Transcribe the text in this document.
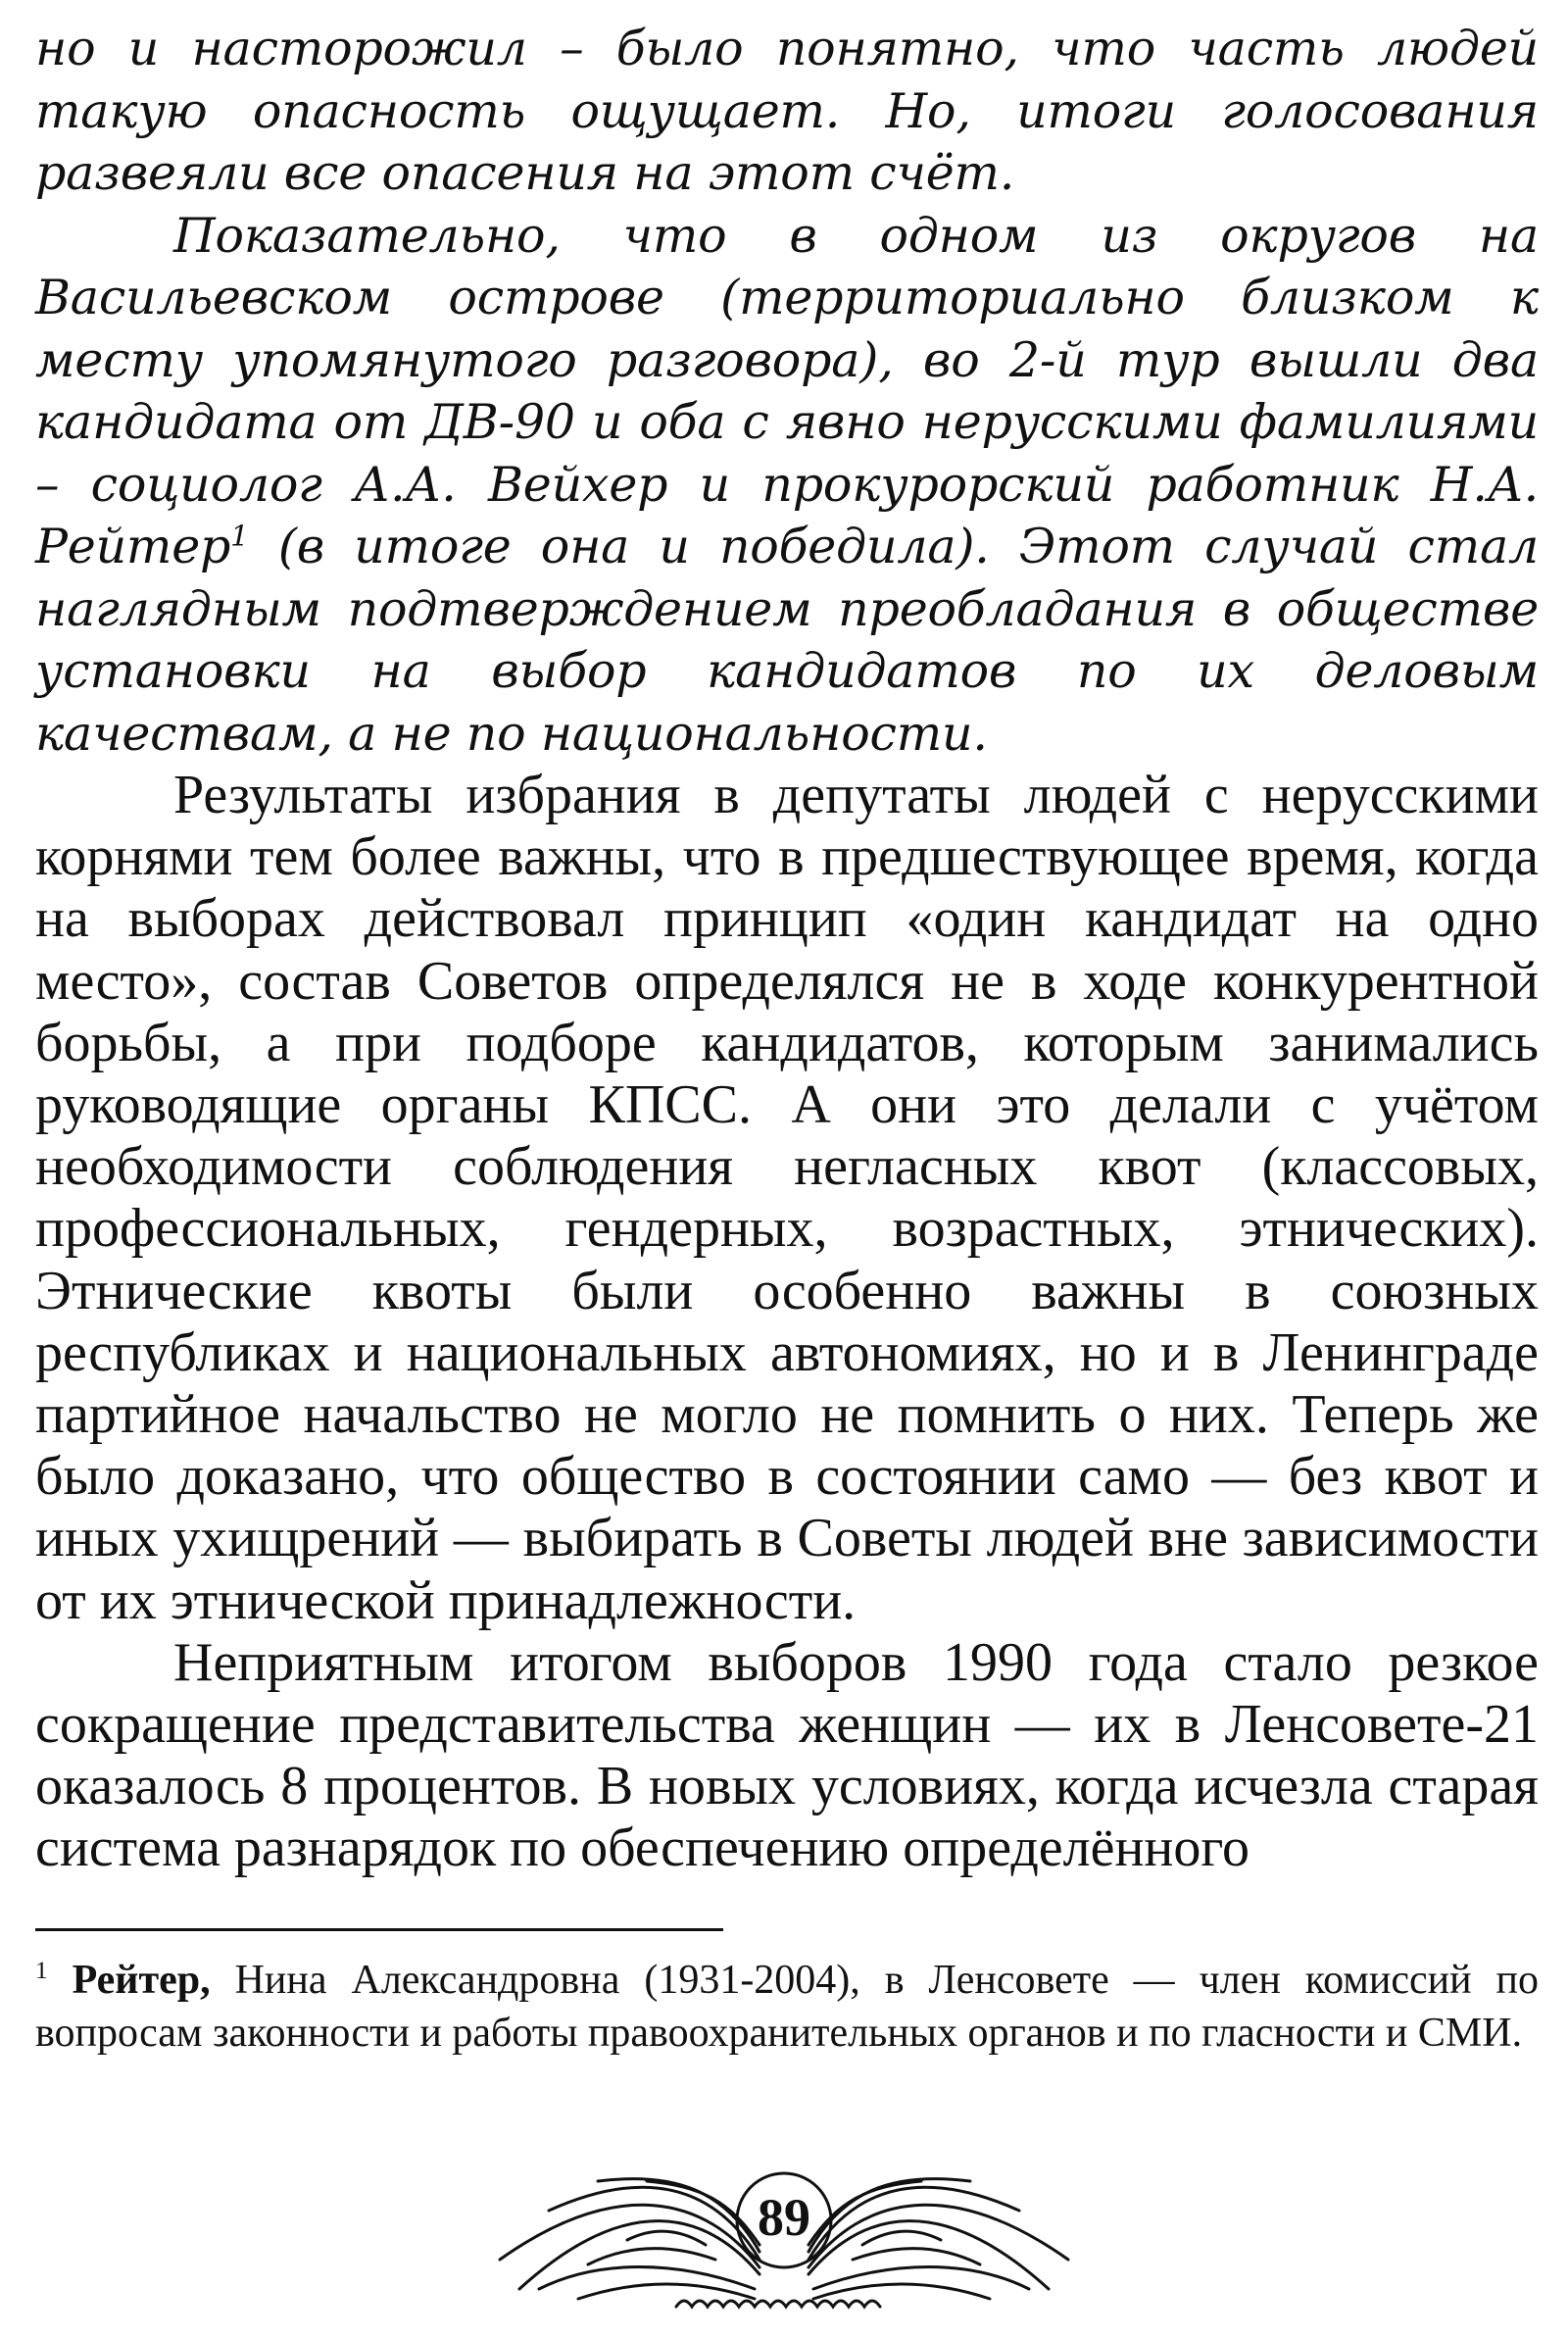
но и насторожил – было понятно, что часть людей такую опасность ощущает. Но, итоги голосования развеяли все опасения на этот счёт.

Показательно, что в одном из округов на Васильевском острове (территориально близком к месту упомянутого разговора), во 2-й тур вышли два кандидата от ДВ-90 и оба с явно нерусскими фамилиями – социолог А.А. Вейхер и прокурорский работник Н.А. Рейтер$^1$ (в итоге она и победила). Этот случай стал наглядным подтверждением преобладания в обществе установки на выбор кандидатов по их деловым качествам, а не по национальности.

Результаты избрания в депутаты людей с нерусскими корнями тем более важны, что в предшествующее время, когда на выборах действовал принцип «один кандидат на одно место», состав Советов определялся не в ходе конкурентной борьбы, а при подборе кандидатов, которым занимались руководящие органы КПСС. А они это делали с учётом необходимости соблюдения негласных квот (классовых, профессиональных, гендерных, возрастных, этнических). Этнические квоты были особенно важны в союзных республиках и национальных автономиях, но и в Ленинграде партийное начальство не могло не помнить о них. Теперь же было доказано, что общество в состоянии само — без квот и иных ухищрений — выбирать в Советы людей вне зависимости от их этнической принадлежности.

Неприятным итогом выборов 1990 года стало резкое сокращение представительства женщин — их в Ленсовете-21 оказалось 8 процентов. В новых условиях, когда исчезла старая система разнарядок по обеспечению определённого

$^1$ Рейтер, Нина Александровна (1931-2004), в Ленсовете — член комиссий по вопросам законности и работы правоохранительных органов и по гласности и СМИ.

89
